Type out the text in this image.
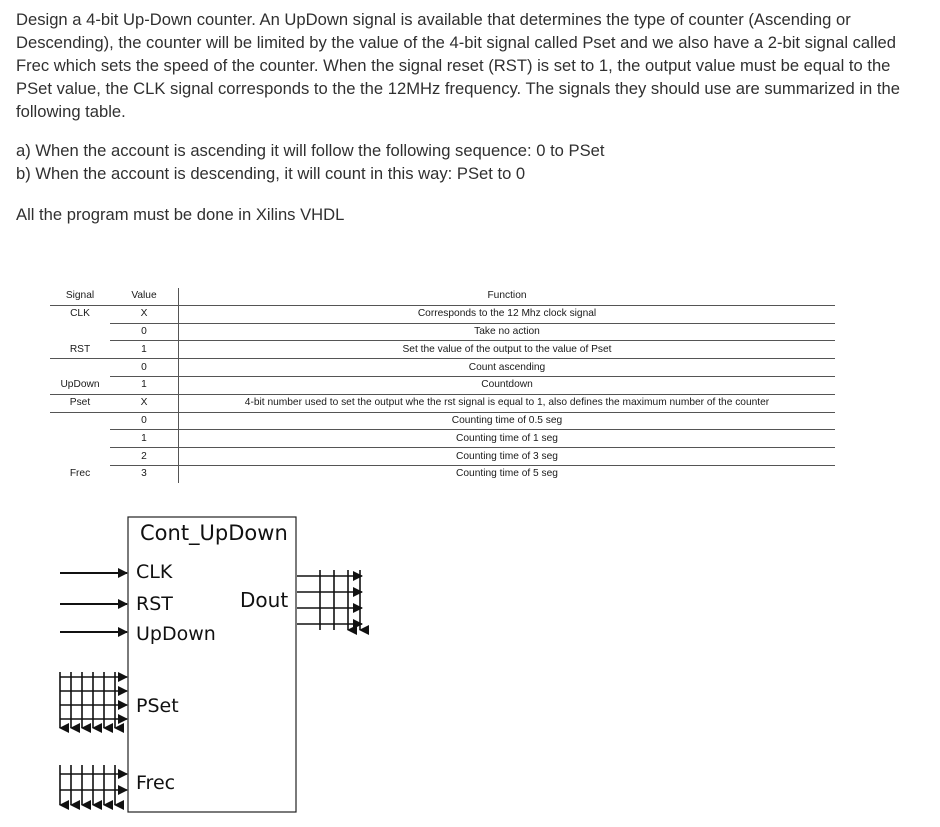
Design a 4-bit Up-Down counter. An UpDown signal is available that determines the type of counter (Ascending or Descending), the counter will be limited by the value of the 4-bit signal called Pset and we also have a 2-bit signal called Frec which sets the speed of the counter. When the signal reset (RST) is set to 1, the output value must be equal to the PSet value, the CLK signal corresponds to the the 12MHz frequency. The signals they should use are summarized in the following table.

a) When the account is ascending it will follow the following sequence: 0 to PSet

b) When the account is descending, it will count in this way: PSet to 0

All the program must be done in Xilins VHDL

Signal	Value	Function
CLK	X	Corresponds to the 12 Mhz clock signal
	0	Take no action
RST	1	Set the value of the output to the value of Pset
	0	Count ascending
UpDown	1	Countdown
Pset	X	4-bit number used to set the output whe the rst signal is equal to 1, also defines the maximum number of the counter
	0	Counting time of 0.5 seg
	1	Counting time of 1 seg
	2	Counting time of 3 seg
Frec	3	Counting time of 5 seg
Cont_UpDown
CLK
RST
UpDown
PSet
Frec
Dout
